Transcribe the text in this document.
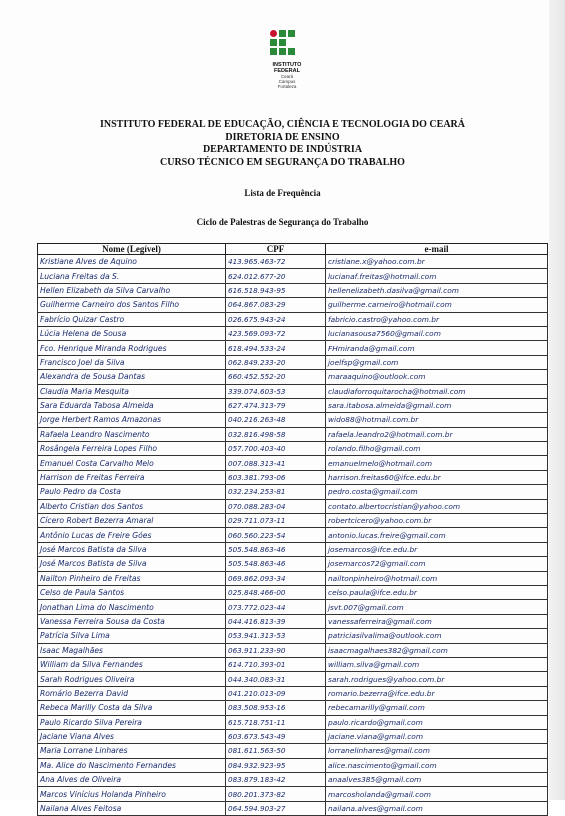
INSTITUTO
FEDERAL
Ceará
Campus
Fortaleza
INSTITUTO FEDERAL DE EDUCAÇÃO, CIÊNCIA E TECNOLOGIA DO CEARÁ
DIRETORIA DE ENSINO
DEPARTAMENTO DE INDÚSTRIA
CURSO TÉCNICO EM SEGURANÇA DO TRABALHO
Lista de Frequência
Ciclo de Palestras de Segurança do Trabalho
Nome (Legível)	CPF	e-mail
Kristiane Alves de Aquino	413.965.463-72	cristiane.x@yahoo.com.br
Luciana Freitas da S.	624.012.677-20	lucianaf.freitas@hotmail.com
Hellen Elizabeth da Silva Carvalho	616.518.943-95	hellenelizabeth.dasilva@gmail.com
Guilherme Carneiro dos Santos Filho	064.867.083-29	guilherme.carneiro@hotmail.com
Fabrício Quizar Castro	026.675.943-24	fabricio.castro@yahoo.com.br
Lúcia Helena de Sousa	423.569.093-72	lucianasousa7560@gmail.com
Fco. Henrique Miranda Rodrigues	618.494.533-24	FHmiranda@gmail.com
Francisco Joel da Silva	062.849.233-20	joelfsp@gmail.com
Alexandra de Sousa Dantas	660.452.552-20	maraaquino@outlook.com
Claudia Maria Mesquita	339.074.603-53	claudiaforroquitarocha@hotmail.com
Sara Eduarda Tabosa Almeida	627.474.313-79	sara.itabosa.almeida@gmail.com
Jorge Herbert Ramos Amazonas	040.216.263-48	wido88@hotmail.com.br
Rafaela Leandro Nascimento	032.816.498-58	rafaela.leandro2@hotmail.com.br
Rosângela Ferreira Lopes Filho	057.700.403-40	rolando.filho@gmail.com
Emanuel Costa Carvalho Melo	007.088.313-41	emanuelmelo@hotmail.com
Harrison de Freitas Ferreira	603.381.793-06	harrison.freitas60@ifce.edu.br
Paulo Pedro da Costa	032.234.253-81	pedro.costa@gmail.com
Alberto Cristian dos Santos	070.088.283-04	contato.albertocristian@yahoo.com
Cícero Robert Bezerra Amaral	029.711.073-11	robertcicero@yahoo.com.br
Antônio Lucas de Freire Góes	060.560.223-54	antonio.lucas.freire@gmail.com
José Marcos Batista da Silva	505.548.863-46	josemarcos@ifce.edu.br
José Marcos Batista de Silva	505.548.863-46	josemarcos72@gmail.com
Nailton Pinheiro de Freitas	069.862.093-34	nailtonpinheiro@hotmail.com
Celso de Paula Santos	025.848.466-00	celso.paula@ifce.edu.br
Jonathan Lima do Nascimento	073.772.023-44	jsvt.007@gmail.com
Vanessa Ferreira Sousa da Costa	044.416.813-39	vanessaferreira@gmail.com
Patrícia Silva Lima	053.941.313-53	patriciasilvalima@outlook.com
Isaac Magalhães	063.911.233-90	isaacmagalhaes382@gmail.com
William da Silva Fernandes	614.710.393-01	william.silva@gmail.com
Sarah Rodrigues Oliveira	044.340.083-31	sarah.rodrigues@yahoo.com.br
Romário Bezerra David	041.210.013-09	romario.bezerra@ifce.edu.br
Rebeca Marilly Costa da Silva	083.508.953-16	rebecamarilly@gmail.com
Paulo Ricardo Silva Pereira	615.718.751-11	paulo.ricardo@gmail.com
Jaciane Viana Alves	603.673.543-49	jaciane.viana@gmail.com
Maria Lorrane Linhares	081.611.563-50	lorranelinhares@gmail.com
Ma. Alice do Nascimento Fernandes	084.932.923-95	alice.nascimento@gmail.com
Ana Alves de Oliveira	083.879.183-42	anaalves385@gmail.com
Marcos Vinícius Holanda Pinheiro	080.201.373-82	marcosholanda@gmail.com
Nailana Alves Feitosa	064.594.903-27	nailana.alves@gmail.com
